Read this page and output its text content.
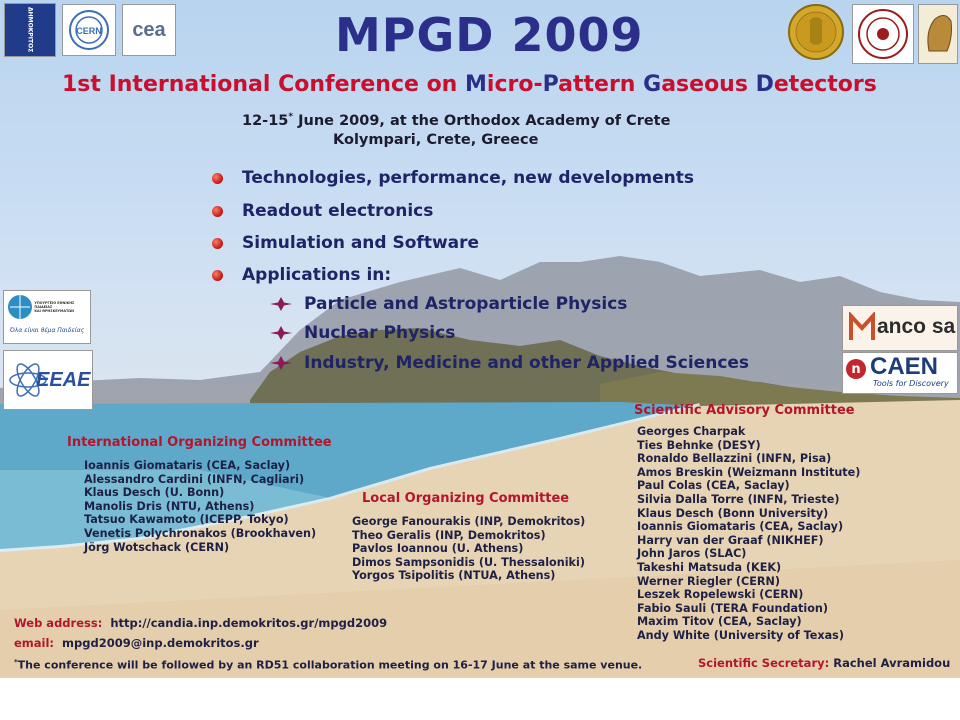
ΔΗΜΟΚΡΙΤΟΣ	CERN cea
ΥΠΟΥΡΓΕΙΟ ΕΘΝΙΚΗΣ ΠΑΙΔΕΙΑΣ
ΚΑΙ ΘΡΗΣΚΕΥΜΑΤΩΝ
Όλα είναι θέμα Παιδείας
EEAE
anco sa
n CAEN
Tools for Discovery
MPGD 2009
1st International Conference on Micro-Pattern Gaseous Detectors
12-15* June 2009, at the Orthodox Academy of Crete
Kolympari, Crete, Greece
Technologies, performance, new developments
Readout electronics
Simulation and Software
Applications in:
Particle and Astroparticle Physics
Nuclear Physics
Industry, Medicine and other Applied Sciences
International Organizing Committee
Ioannis Giomataris (CEA, Saclay)
Alessandro Cardini (INFN, Cagliari)
Klaus Desch (U. Bonn)
Manolis Dris (NTU, Athens)
Tatsuo Kawamoto (ICEPP, Tokyo)
Venetis Polychronakos (Brookhaven)
Jörg Wotschack (CERN)
Local Organizing Committee
George Fanourakis (INP, Demokritos)
Theo Geralis (INP, Demokritos)
Pavlos Ioannou (U. Athens)
Dimos Sampsonidis (U. Thessaloniki)
Yorgos Tsipolitis (NTUA, Athens)
Scientific Advisory Committee
Georges Charpak
Ties Behnke (DESY)
Ronaldo Bellazzini (INFN, Pisa)
Amos Breskin (Weizmann Institute)
Paul Colas (CEA, Saclay)
Silvia Dalla Torre (INFN, Trieste)
Klaus Desch (Bonn University)
Ioannis Giomataris (CEA, Saclay)
Harry van der Graaf (NIKHEF)
John Jaros (SLAC)
Takeshi Matsuda (KEK)
Werner Riegler (CERN)
Leszek Ropelewski (CERN)
Fabio Sauli (TERA Foundation)
Maxim Titov (CEA, Saclay)
Andy White (University of Texas)
Web address: http://candia.inp.demokritos.gr/mpgd2009
email: mpgd2009@inp.demokritos.gr
*The conference will be followed by an RD51 collaboration meeting on 16-17 June at the same venue.	Scientific Secretary: Rachel Avramidou
